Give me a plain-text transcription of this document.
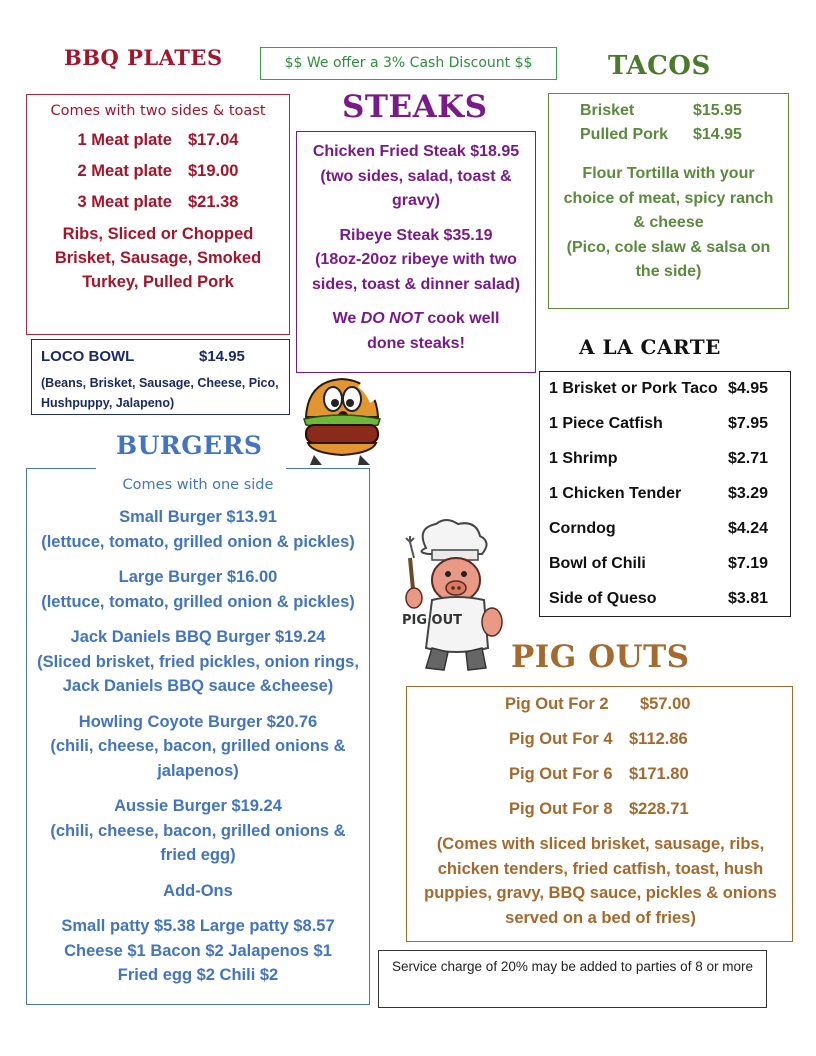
$$ We offer a 3% Cash Discount $$
BBQ PLATES
Comes with two sides & toast
1 Meat plate $17.04
2 Meat plate $19.00
3 Meat plate $21.38
Ribs, Sliced or Chopped Brisket, Sausage, Smoked Turkey, Pulled Pork
STEAKS
Chicken Fried Steak $18.95
(two sides, salad, toast & gravy)
Ribeye Steak $35.19
(18oz-20oz ribeye with two sides, toast & dinner salad)
We DO NOT cook well done steaks!
TACOS
Brisket	$15.95
Pulled Pork $14.95
Flour Tortilla with your choice of meat, spicy ranch & cheese
(Pico, cole slaw & salsa on the side)
A LA CARTE
1 Brisket or Pork Taco $4.95
1 Piece Catfish	$7.95
1 Shrimp	$2.71
1 Chicken Tender	$3.29
Corndog	$4.24
Bowl of Chili	$7.19
Side of Queso	$3.81
LOCO BOWL	$14.95
(Beans, Brisket, Sausage, Cheese, Pico, Hushpuppy, Jalapeno)
Comes with one side
Small Burger $13.91
(lettuce, tomato, grilled onion & pickles)
Large Burger $16.00
(lettuce, tomato, grilled onion & pickles)
Jack Daniels BBQ Burger $19.24
(Sliced brisket, fried pickles, onion rings, Jack Daniels BBQ sauce &cheese)
Howling Coyote Burger $20.76
(chili, cheese, bacon, grilled onions & jalapenos)
Aussie Burger $19.24
(chili, cheese, bacon, grilled onions & fried egg)
Add-Ons
Small patty $5.38 Large patty $8.57
Cheese $1 Bacon $2 Jalapenos $1
Fried egg $2 Chili $2
BURGERS
PIG OUT
PIG OUTS
Pig Out For 2 $57.00
Pig Out For 4 $112.86
Pig Out For 6 $171.80
Pig Out For 8 $228.71
(Comes with sliced brisket, sausage, ribs, chicken tenders, fried catfish, toast, hush puppies, gravy, BBQ sauce, pickles & onions served on a bed of fries)
Service charge of 20% may be added to parties of 8 or more
